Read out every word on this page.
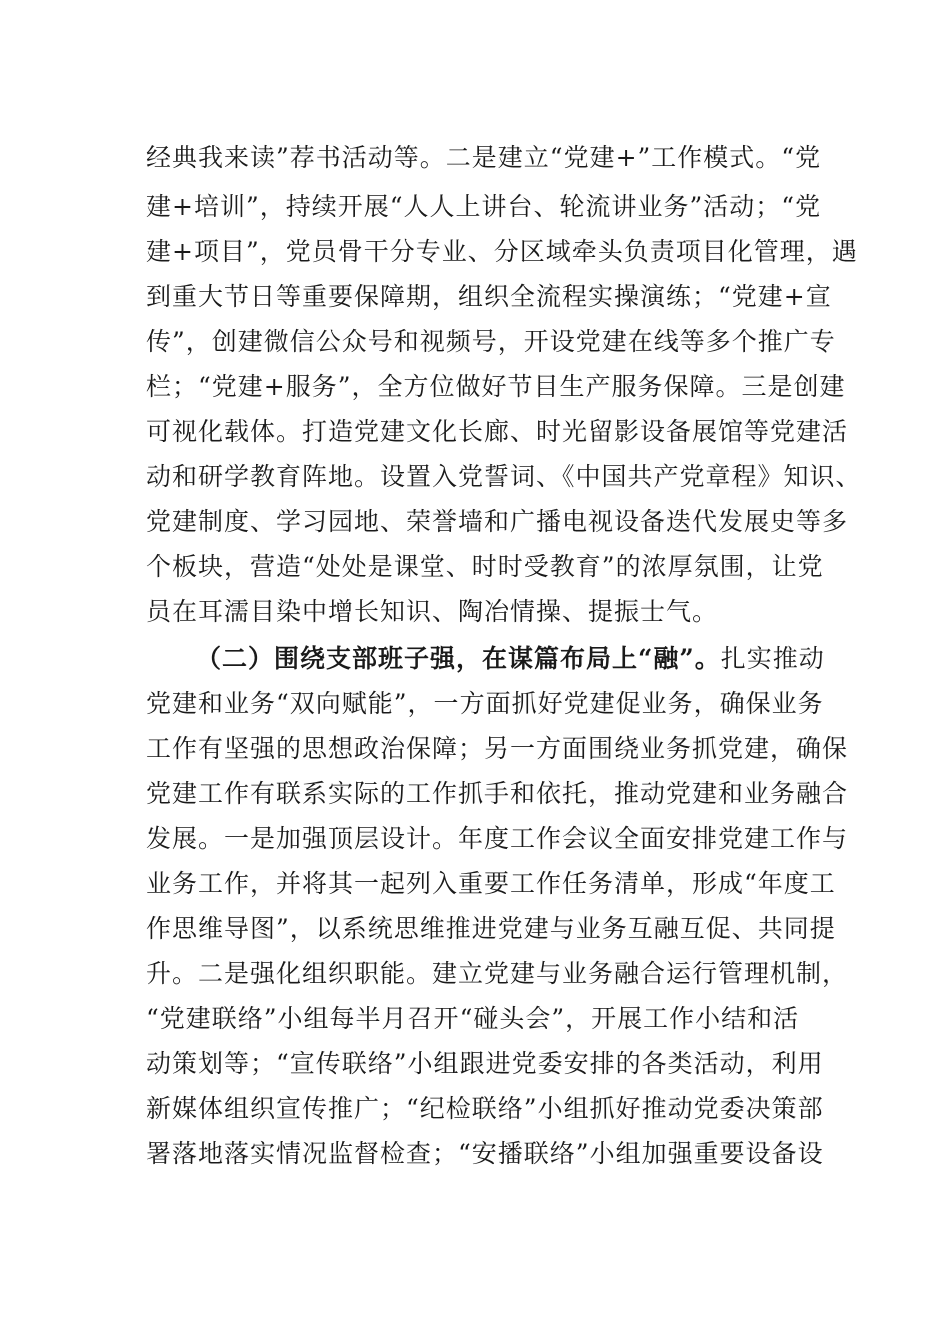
经典我来读”荐书活动等。二是建立“党建+”工作模式。“党
建+培训”，持续开展“人人上讲台、轮流讲业务”活动；“党
建+项目”，党员骨干分专业、分区域牵头负责项目化管理，遇
到重大节日等重要保障期，组织全流程实操演练；“党建+宣
传”，创建微信公众号和视频号，开设党建在线等多个推广专
栏；“党建+服务”，全方位做好节目生产服务保障。三是创建
可视化载体。打造党建文化长廊、时光留影设备展馆等党建活
动和研学教育阵地。设置入党誓词、《中国共产党章程》知识、
党建制度、学习园地、荣誉墙和广播电视设备迭代发展史等多
个板块，营造“处处是课堂、时时受教育”的浓厚氛围，让党
员在耳濡目染中增长知识、陶冶情操、提振士气。
（二）围绕支部班子强，在谋篇布局上“融”。扎实推动
党建和业务“双向赋能”，一方面抓好党建促业务，确保业务
工作有坚强的思想政治保障；另一方面围绕业务抓党建，确保
党建工作有联系实际的工作抓手和依托，推动党建和业务融合
发展。一是加强顶层设计。年度工作会议全面安排党建工作与
业务工作，并将其一起列入重要工作任务清单，形成“年度工
作思维导图”，以系统思维推进党建与业务互融互促、共同提
升。二是强化组织职能。建立党建与业务融合运行管理机制，
“党建联络”小组每半月召开“碰头会”，开展工作小结和活
动策划等；“宣传联络”小组跟进党委安排的各类活动，利用
新媒体组织宣传推广；“纪检联络”小组抓好推动党委决策部
署落地落实情况监督检查；“安播联络”小组加强重要设备设
